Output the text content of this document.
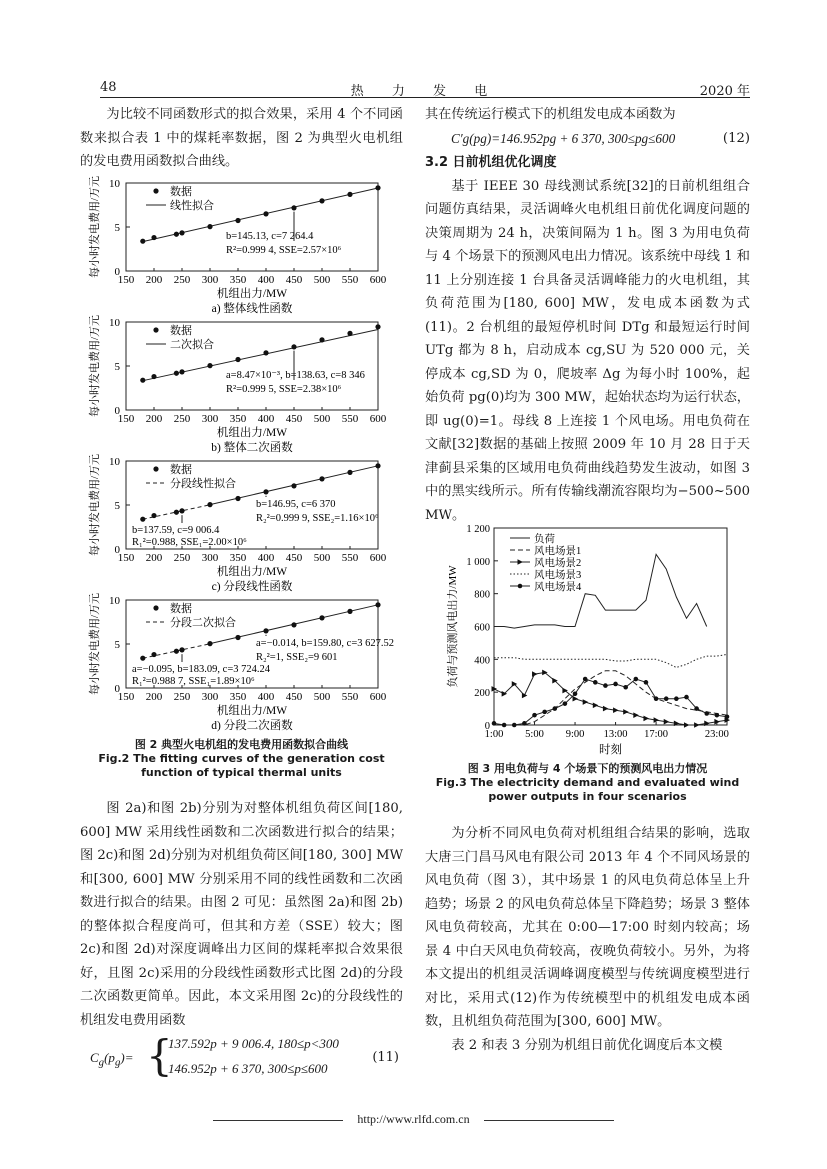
48	热 力 发 电	2020 年

为比较不同函数形式的拟合效果，采用 4 个不同函数来拟合表 1 中的煤耗率数据，图 2 为典型火电机组的发电费用函数拟合曲线。

0
5
10
150 200 250 300 350 400 450 500 550 600
数据
线性拟合
b=145.13, c=7 264.4
R²=0.999 4, SSE=2.57×10⁶
机组出力/MW
a) 整体线性函数
每小时发电费用/万元
0
5
10
150 200 250 300 350 400 450 500 550 600
数据
二次拟合
a=8.47×10⁻³, b=138.63, c=8 346
R²=0.999 5, SSE=2.38×10⁶
机组出力/MW
b) 整体二次函数
每小时发电费用/万元
0
5
10
150 200 250 300 350 400 450 500 550 600
数据
分段线性拟合
b=146.95, c=6 370
R₂²=0.999 9, SSE₂=1.16×10⁶
b=137.59, c=9 006.4
R₁²=0.988, SSE₁=2.00×10⁶
机组出力/MW
c) 分段线性函数
每小时发电费用/万元
0
5
10
150 200 250 300 350 400 450 500 550 600
数据
分段二次拟合
a=−0.014, b=159.80, c=3 627.52
R₂²=1, SSE₂=9 601
a=−0.095, b=183.09, c=3 724.24
R₁²=0.988 7, SSE₁=1.89×10⁶
机组出力/MW
d) 分段二次函数
每小时发电费用/万元
图 2 典型火电机组的发电费用函数拟合曲线
Fig.2 The fitting curves of the generation cost function of typical thermal units

图 2a)和图 2b)分别为对整体机组负荷区间[180, 600] MW 采用线性函数和二次函数进行拟合的结果；图 2c)和图 2d)分别为对机组负荷区间[180, 300] MW 和[300, 600] MW 分别采用不同的线性函数和二次函数进行拟合的结果。由图 2 可见：虽然图 2a)和图 2b)的整体拟合程度尚可，但其和方差（SSE）较大；图 2c)和图 2d)对深度调峰出力区间的煤耗率拟合效果很好，且图 2c)采用的分段线性函数形式比图 2d)的分段二次函数更简单。因此，本文采用图 2c)的分段线性的机组发电费用函数

$C_g(p_g)=$ {
137.592p + 9 006.4, 180≤p<300
146.952p + 6 370, 300≤p≤600
(11)

其在传统运行模式下的机组发电成本函数为

C′g(pg)=146.952pg + 6 370, 300≤pg≤600	(12)
3.2 日前机组优化调度

基于 IEEE 30 母线测试系统[32]的日前机组组合问题仿真结果，灵活调峰火电机组日前优化调度问题的决策周期为 24 h，决策间隔为 1 h。图 3 为用电负荷与 4 个场景下的预测风电出力情况。该系统中母线 1 和 11 上分别连接 1 台具备灵活调峰能力的火电机组，其负荷范围为[180, 600] MW，发电成本函数为式(11)。2 台机组的最短停机时间 DTg 和最短运行时间 UTg 都为 8 h，启动成本 cg,SU 为 520 000 元，关停成本 cg,SD 为 0，爬坡率 Δg 为每小时 100%，起始负荷 pg(0)均为 300 MW，起始状态均为运行状态，即 ug(0)=1。母线 8 上连接 1 个风电场。用电负荷在文献[32]数据的基础上按照 2009 年 10 月 28 日于天津蓟县采集的区域用电负荷曲线趋势发生波动，如图 3 中的黑实线所示。所有传输线潮流容限均为−500~500 MW。

0
200
400
600
800
1 000
1 200
1:00 5:00 9:00 13:00 17:00	23:00
负荷
风电场景1
风电场景2
风电场景3
风电场景4
时刻
负荷与预测风电出力/MW
图 3 用电负荷与 4 个场景下的预测风电出力情况
Fig.3 The electricity demand and evaluated wind power outputs in four scenarios

为分析不同风电负荷对机组组合结果的影响，选取大唐三门昌马风电有限公司 2013 年 4 个不同风场景的风电负荷（图 3），其中场景 1 的风电负荷总体呈上升趋势；场景 2 的风电负荷总体呈下降趋势；场景 3 整体风电负荷较高，尤其在 0:00—17:00 时刻内较高；场景 4 中白天风电负荷较高，夜晚负荷较小。另外，为将本文提出的机组灵活调峰调度模型与传统调度模型进行对比，采用式(12)作为传统模型中的机组发电成本函数，且机组负荷范围为[300, 600] MW。

表 2 和表 3 分别为机组日前优化调度后本文模

http://www.rlfd.com.cn
